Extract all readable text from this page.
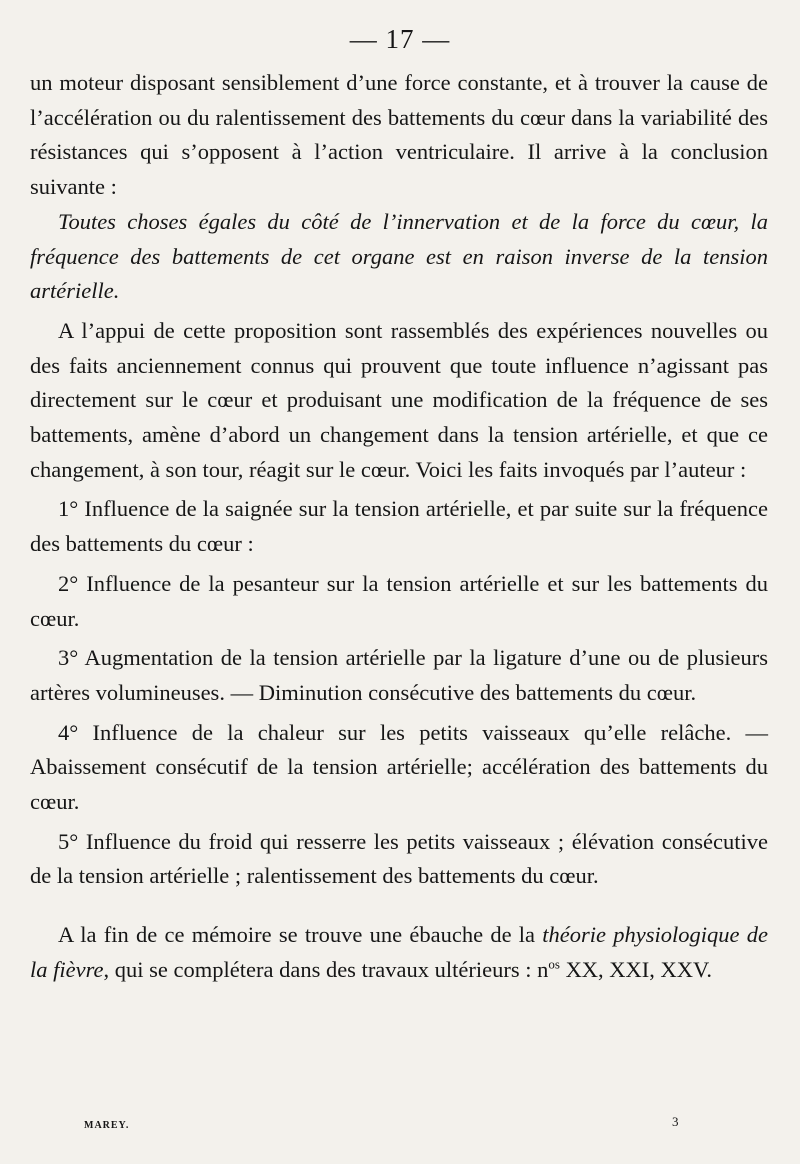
— 17 —

un moteur disposant sensiblement d’une force constante, et à trouver la cause de l’accélération ou du ralentissement des battements du cœur dans la variabilité des résistances qui s’opposent à l’action ventriculaire. Il arrive à la conclusion suivante :

Toutes choses égales du côté de l’innervation et de la force du cœur, la fréquence des battements de cet organe est en raison inverse de la tension artérielle.

A l’appui de cette proposition sont rassemblés des expériences nouvelles ou des faits anciennement connus qui prouvent que toute influence n’agissant pas directement sur le cœur et produisant une modification de la fréquence de ses battements, amène d’abord un changement dans la tension artérielle, et que ce changement, à son tour, réagit sur le cœur. Voici les faits invoqués par l’auteur :

1° Influence de la saignée sur la tension artérielle, et par suite sur la fréquence des battements du cœur :

2° Influence de la pesanteur sur la tension artérielle et sur les battements du cœur.

3° Augmentation de la tension artérielle par la ligature d’une ou de plusieurs artères volumineuses. — Diminution consécutive des battements du cœur.

4° Influence de la chaleur sur les petits vaisseaux qu’elle relâche. — Abaissement consécutif de la tension artérielle; accélération des battements du cœur.

5° Influence du froid qui resserre les petits vaisseaux ; élévation consécutive de la tension artérielle ; ralentissement des battements du cœur.

A la fin de ce mémoire se trouve une ébauche de la théorie physiologique de la fièvre, qui se complétera dans des travaux ultérieurs : $n^{os}$ XX, XXI, XXV.

MAREY.	3
